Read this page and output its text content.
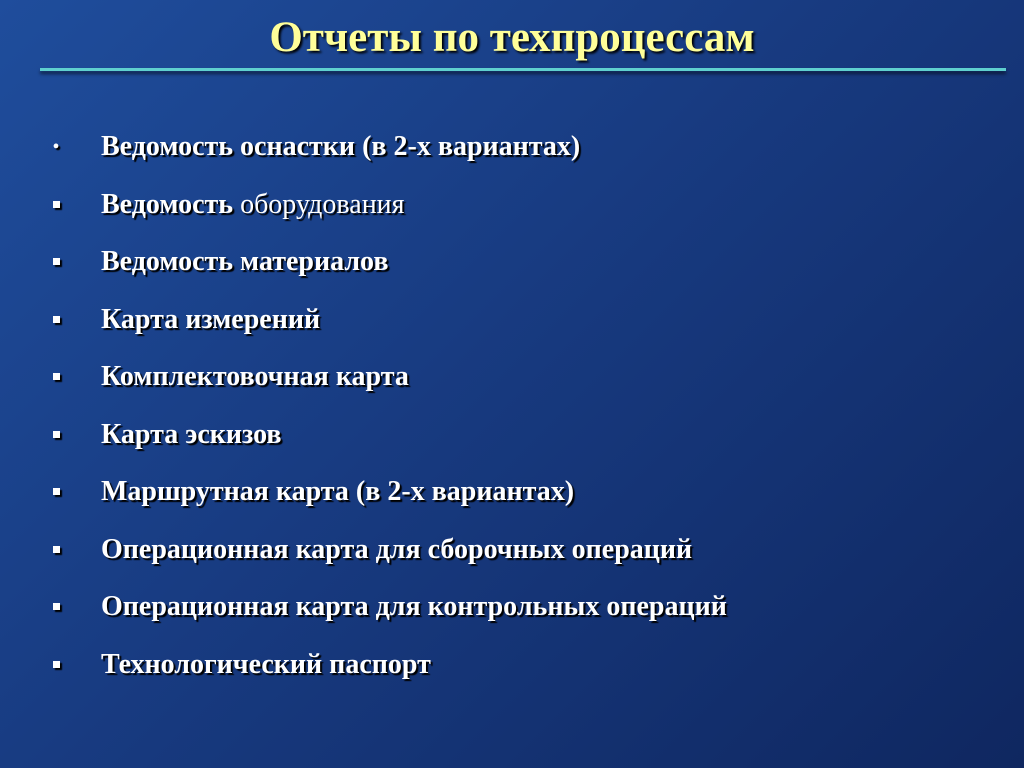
Отчеты по техпроцессам
• Ведомость оснастки (в 2-х вариантах)
Ведомость оборудования
Ведомость материалов
Карта измерений
Комплектовочная карта
Карта эскизов
Маршрутная карта (в 2-х вариантах)
Операционная карта для сборочных операций
Операционная карта для контрольных операций
Технологический паспорт
